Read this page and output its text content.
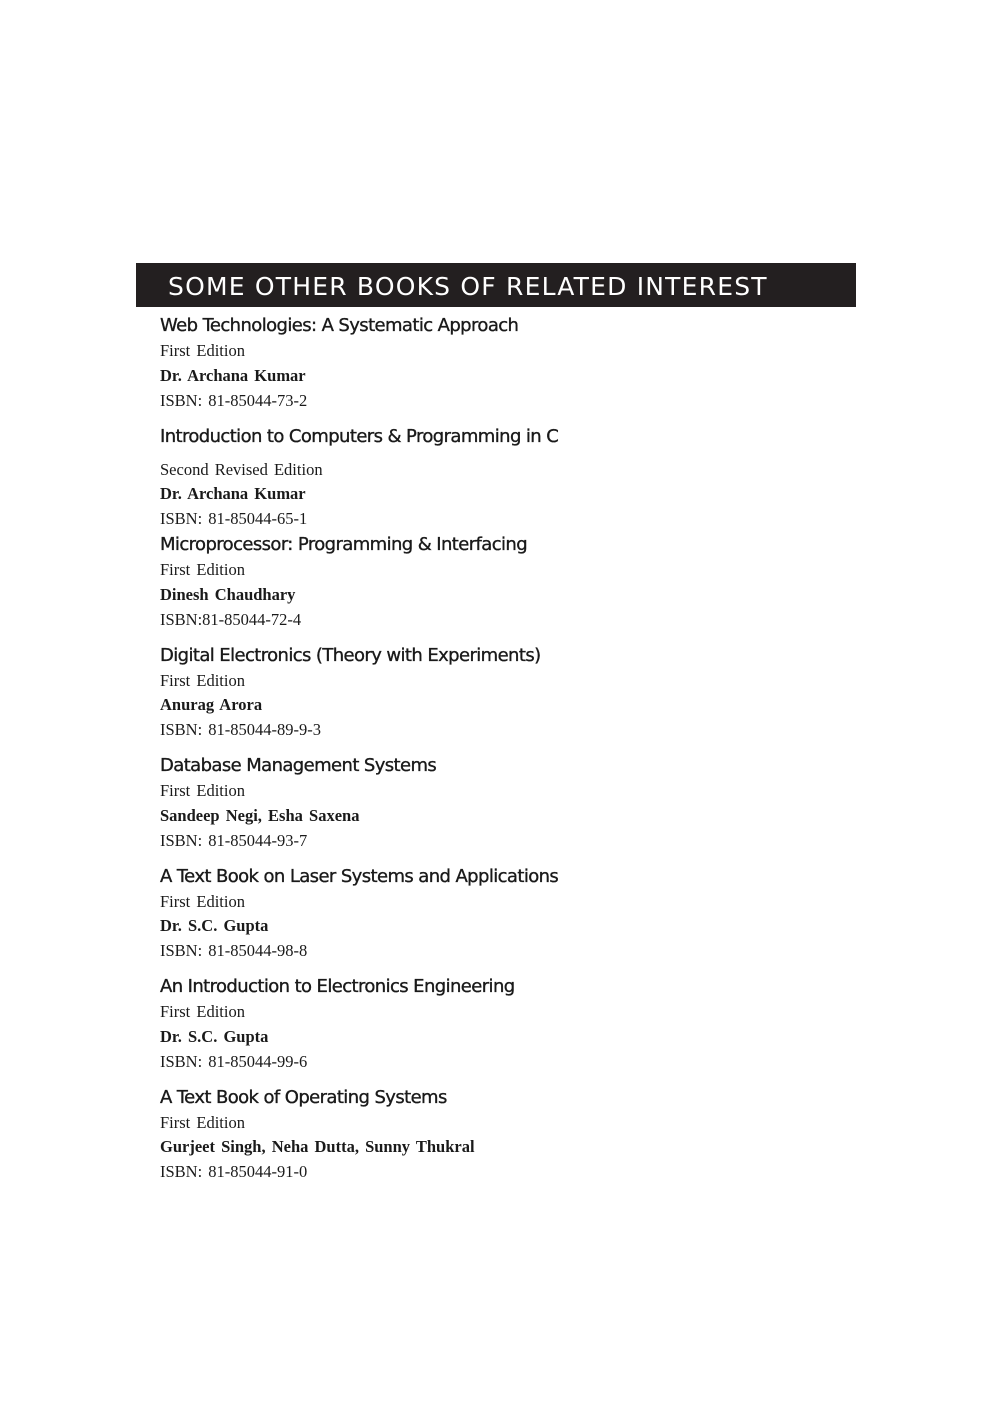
SOME OTHER BOOKS OF RELATED INTEREST
Web Technologies: A Systematic Approach
First Edition
Dr. Archana Kumar
ISBN: 81-85044-73-2
Introduction to Computers & Programming in C
Second Revised Edition
Dr. Archana Kumar
ISBN: 81-85044-65-1
Microprocessor: Programming & Interfacing
First Edition
Dinesh Chaudhary
ISBN:81-85044-72-4
Digital Electronics (Theory with Experiments)
First Edition
Anurag Arora
ISBN: 81-85044-89-9-3
Database Management Systems
First Edition
Sandeep Negi, Esha Saxena
ISBN: 81-85044-93-7
A Text Book on Laser Systems and Applications
First Edition
Dr. S.C. Gupta
ISBN: 81-85044-98-8
An Introduction to Electronics Engineering
First Edition
Dr. S.C. Gupta
ISBN: 81-85044-99-6
A Text Book of Operating Systems
First Edition
Gurjeet Singh, Neha Dutta, Sunny Thukral
ISBN: 81-85044-91-0
